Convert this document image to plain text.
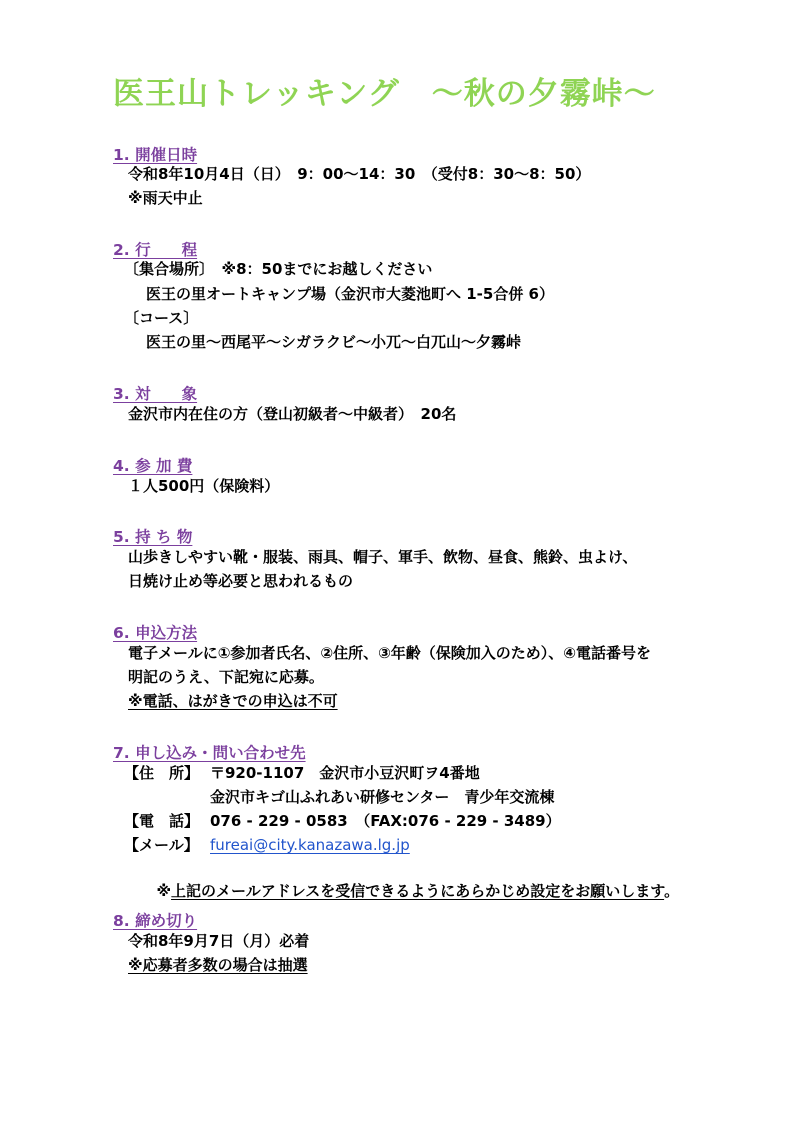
医王山トレッキング　～秋の夕霧峠～
1. 開催日時
令和8年10月4日（日）　9：00～14：30　（受付8：30～8：50）
※雨天中止
2. 行　　程
〔集合場所〕　※8：50までにお越しください
医王の里オートキャンプ場（金沢市大菱池町へ 1-5合併 6）
〔コース〕
医王の里～西尾平～シガラクビ～小兀～白兀山～夕霧峠
3. 対　　象
金沢市内在住の方（登山初級者～中級者）　20名
4. 参 加 費
１人500円（保険料）
5. 持 ち 物
山歩きしやすい靴・服装、雨具、帽子、軍手、飲物、昼食、熊鈴、虫よけ、
日焼け止め等必要と思われるもの
6. 申込方法
電子メールに①参加者氏名、②住所、③年齢（保険加入のため）、④電話番号を
明記のうえ、下記宛に応募。
※電話、はがきでの申込は不可
7. 申し込み・問い合わせ先
【住　所】 〒920-1107　金沢市小豆沢町ヲ4番地
金沢市キゴ山ふれあい研修センター　青少年交流棟
【電　話】 076 - 229 - 0583　（FAX:076 - 229 - 3489）
【メール】 fureai@city.kanazawa.lg.jp

※上記のメールアドレスを受信できるようにあらかじめ設定をお願いします。

8. 締め切り
令和8年9月7日（月）必着
※応募者多数の場合は抽選
